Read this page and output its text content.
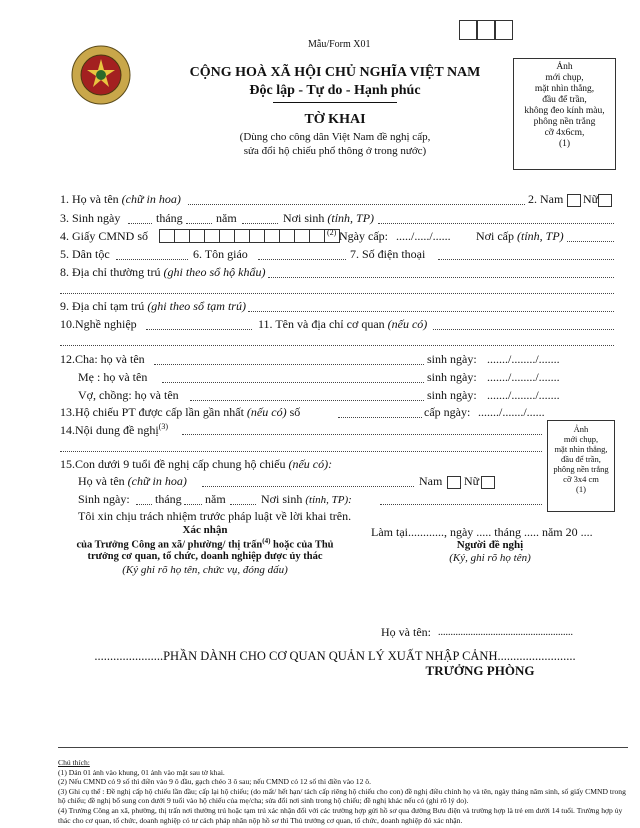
Mẫu/Form X01
CỘNG HOÀ XÃ HỘI CHỦ NGHĨA VIỆT NAM
Độc lập - Tự do - Hạnh phúc
TỜ KHAI
(Dùng cho công dân Việt Nam đề nghị cấp,
sửa đổi hộ chiếu phổ thông ở trong nước)
Ảnh
mới chụp,
mặt nhìn thẳng,
đầu để trần,
không đeo kính màu,
phông nền trắng
cỡ 4x6cm,
(1)
1. Họ và tên (chữ in hoa)	2. Nam Nữ
3. Sinh ngày	tháng	năm	Nơi sinh (tỉnh, TP)
4. Giấy CMND số	(2) Ngày cấp: ...../...../...... Nơi cấp (tỉnh, TP)
5. Dân tộc	6. Tôn giáo	7. Số điện thoại
8. Địa chỉ thường trú (ghi theo sổ hộ khẩu)
9. Địa chỉ tạm trú (ghi theo sổ tạm trú)
10.Nghề nghiệp	11. Tên và địa chỉ cơ quan (nếu có)
12.Cha: họ và tên	sinh ngày: ......./......../.......
Mẹ : họ và tên	sinh ngày: ......./......../.......
Vợ, chồng: họ và tên	sinh ngày: ......./......../.......
13.Hộ chiếu PT được cấp lần gần nhất (nếu có) số	cấp ngày: ......./......./......
14.Nội dung đề nghị$^{(3)}$	Ảnh
mới chụp,
mặt nhìn thẳng,
đầu để trần,
phông nền trắng
cỡ 3x4 cm
(1)
15.Con dưới 9 tuổi đề nghị cấp chung hộ chiếu (nếu có):
Họ và tên (chữ in hoa)	Nam Nữ
Sinh ngày: tháng năm	Nơi sinh (tỉnh, TP):
Tôi xin chịu trách nhiệm trước pháp luật về lời khai trên.
Xác nhận
của Trưởng Công an xã/ phường/ thị trấn$^{(4)}$ hoặc của Thủ
trưởng cơ quan, tổ chức, doanh nghiệp được ủy thác
(Ký ghi rõ họ tên, chức vụ, đóng dấu)
Làm tại............, ngày ..... tháng ..... năm 20 ....
Người đề nghị
(Ký, ghi rõ họ tên)
Họ và tên: ......................................................
......................PHẦN DÀNH CHO CƠ QUAN QUẢN LÝ XUẤT NHẬP CẢNH.........................
TRƯỞNG PHÒNG
Chú thích:
(1) Dán 01 ảnh vào khung, 01 ảnh vào mặt sau tờ khai.
(2) Nếu CMND có 9 số thì điền vào 9 ô đầu, gạch chéo 3 ô sau; nếu CMND có 12 số thì điền vào 12 ô.
(3) Ghi cụ thể : Đề nghị cấp hộ chiếu lần đầu; cấp lại hộ chiếu; (do mất/ hết hạn/ tách cấp riêng hộ chiếu cho con) đề nghị điều chỉnh họ và tên, ngày tháng năm sinh, số giấy CMND trong hộ chiếu; đề nghị bổ sung con dưới 9 tuổi vào hộ chiếu của mẹ/cha; sửa đổi nơi sinh trong hộ chiếu; đề nghị khác nếu có (ghi rõ lý do).
(4) Trưởng Công an xã, phường, thị trấn nơi thường trú hoặc tạm trú xác nhận đối với các trường hợp gửi hồ sơ qua đường Bưu điện và trường hợp là trẻ em dưới 14 tuổi. Trường hợp ủy thác cho cơ quan, tổ chức, doanh nghiệp có tư cách pháp nhân nộp hồ sơ thì Thủ trưởng cơ quan, tổ chức, doanh nghiệp đó xác nhận.
